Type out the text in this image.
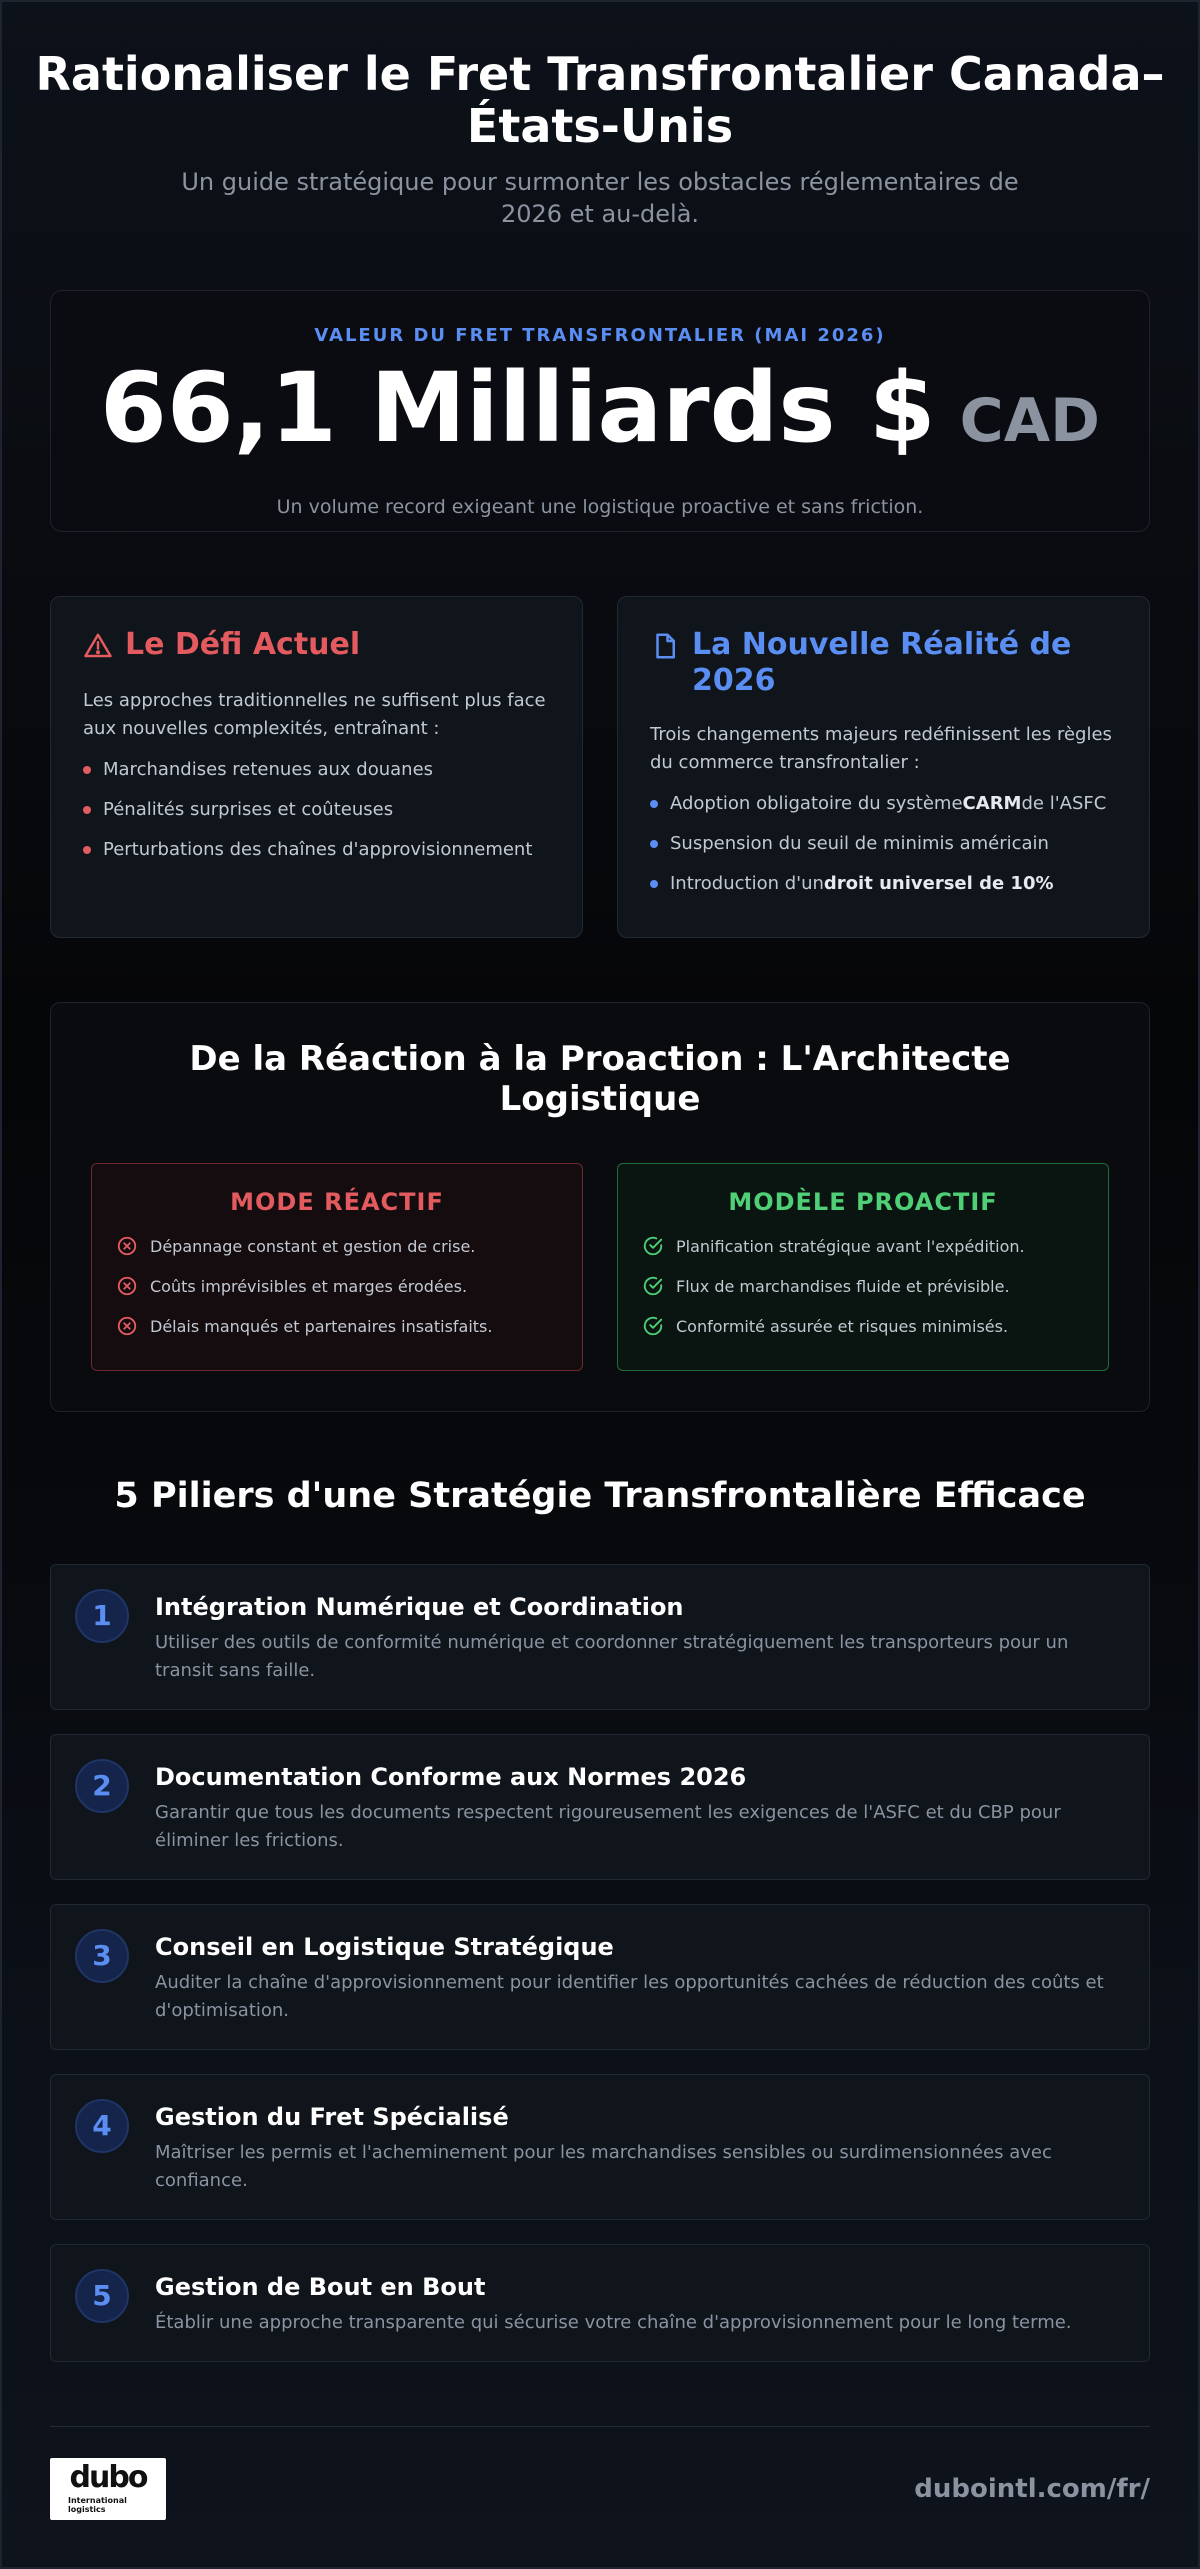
Rationaliser le Fret Transfrontalier Canada–États-Unis

Un guide stratégique pour surmonter les obstacles réglementaires de 2026 et au-delà.

VALEUR DU FRET TRANSFRONTALIER (MAI 2026)
66,1 Milliards $ CAD
Un volume record exigeant une logistique proactive et sans friction.
Le Défi Actuel

Les approches traditionnelles ne suffisent plus face aux nouvelles complexités, entraînant :

Marchandises retenues aux douanes
Pénalités surprises et coûteuses
Perturbations des chaînes d'approvisionnement
La Nouvelle Réalité de 2026

Trois changements majeurs redéfinissent les règles du commerce transfrontalier :

Adoption obligatoire du systèmeCARMde l'ASFC
Suspension du seuil de minimis américain
Introduction d'undroit universel de 10%
De la Réaction à la Proaction : L'Architecte Logistique
MODE RÉACTIF
Dépannage constant et gestion de crise.
Coûts imprévisibles et marges érodées.
Délais manqués et partenaires insatisfaits.
MODÈLE PROACTIF
Planification stratégique avant l'expédition.
Flux de marchandises fluide et prévisible.
Conformité assurée et risques minimisés.
5 Piliers d'une Stratégie Transfrontalière Efficace
1	Intégration Numérique et Coordination

Utiliser des outils de conformité numérique et coordonner stratégiquement les transporteurs pour un transit sans faille.

2	Documentation Conforme aux Normes 2026

Garantir que tous les documents respectent rigoureusement les exigences de l'ASFC et du CBP pour éliminer les frictions.

3	Conseil en Logistique Stratégique

Auditer la chaîne d'approvisionnement pour identifier les opportunités cachées de réduction des coûts et d'optimisation.

4	Gestion du Fret Spécialisé

Maîtriser les permis et l'acheminement pour les marchandises sensibles ou surdimensionnées avec confiance.

5	Gestion de Bout en Bout

Établir une approche transparente qui sécurise votre chaîne d'approvisionnement pour le long terme.

dubo
International
logistics
dubointl.com/fr/
